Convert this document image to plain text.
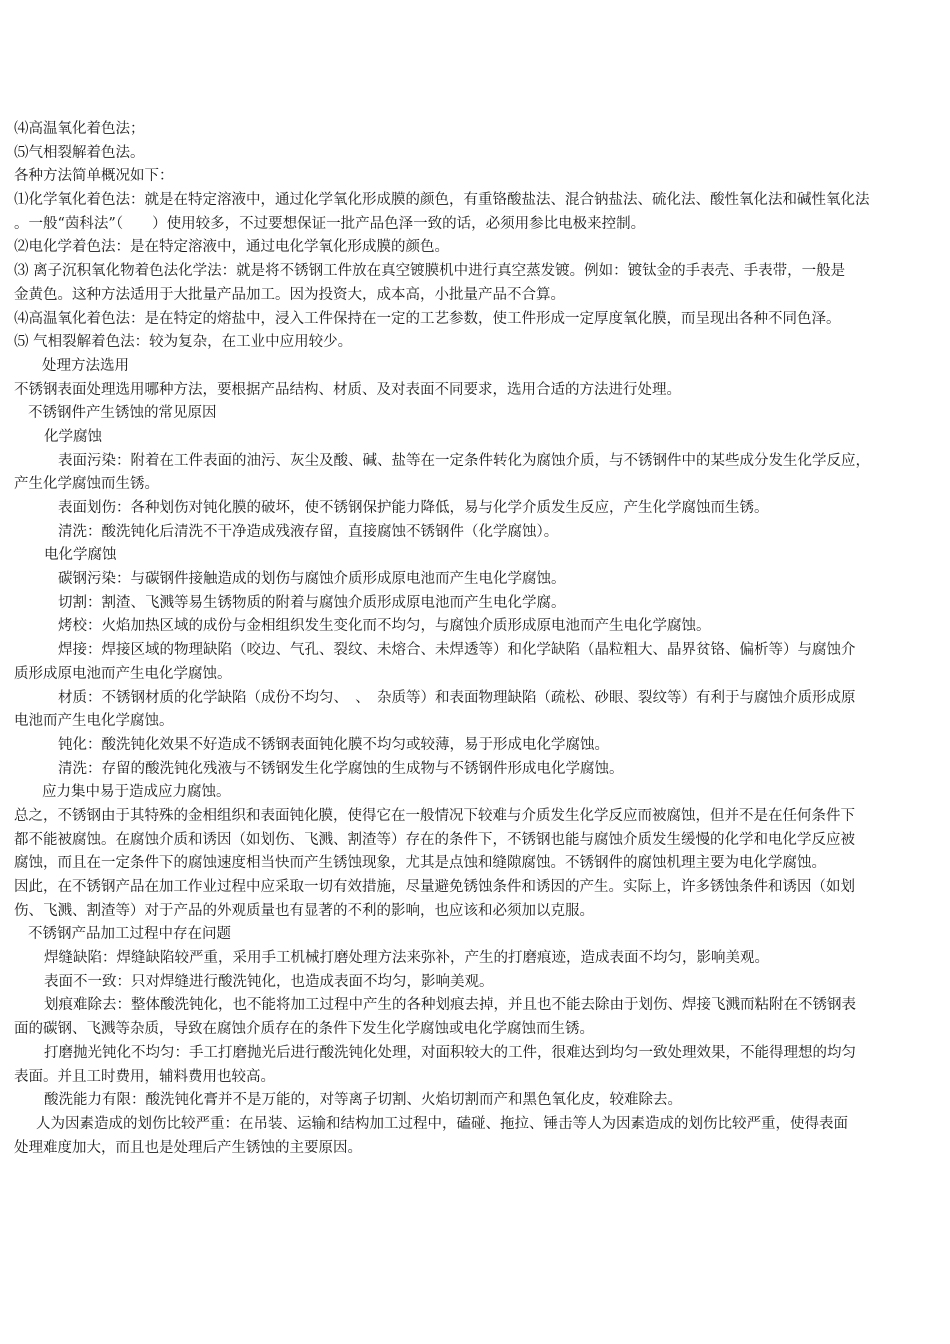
⑷高温氧化着色法；
⑸气相裂解着色法。
各种方法简单概况如下：
⑴化学氧化着色法：就是在特定溶液中，通过化学氧化形成膜的颜色，有重铬酸盐法、混合钠盐法、硫化法、酸性氧化法和碱性氧化法
。一般“茵科法”（　　）使用较多，不过要想保证一批产品色泽一致的话，必须用参比电极来控制。
⑵电化学着色法：是在特定溶液中，通过电化学氧化形成膜的颜色。
⑶ 离子沉积氧化物着色法化学法：就是将不锈钢工件放在真空镀膜机中进行真空蒸发镀。例如：镀钛金的手表壳、手表带，一般是
金黄色。这种方法适用于大批量产品加工。因为投资大，成本高，小批量产品不合算。
⑷高温氧化着色法：是在特定的熔盐中，浸入工件保持在一定的工艺参数，使工件形成一定厚度氧化膜，而呈现出各种不同色泽。
⑸ 气相裂解着色法：较为复杂，在工业中应用较少。
处理方法选用
不锈钢表面处理选用哪种方法，要根据产品结构、材质、及对表面不同要求，选用合适的方法进行处理。
不锈钢件产生锈蚀的常见原因
化学腐蚀
表面污染：附着在工件表面的油污、灰尘及酸、碱、盐等在一定条件转化为腐蚀介质，与不锈钢件中的某些成分发生化学反应，
产生化学腐蚀而生锈。
表面划伤：各种划伤对钝化膜的破坏，使不锈钢保护能力降低，易与化学介质发生反应，产生化学腐蚀而生锈。
清洗：酸洗钝化后清洗不干净造成残液存留，直接腐蚀不锈钢件（化学腐蚀）。
电化学腐蚀
碳钢污染：与碳钢件接触造成的划伤与腐蚀介质形成原电池而产生电化学腐蚀。
切割：割渣、飞溅等易生锈物质的附着与腐蚀介质形成原电池而产生电化学腐。
烤校：火焰加热区域的成份与金相组织发生变化而不均匀，与腐蚀介质形成原电池而产生电化学腐蚀。
焊接：焊接区域的物理缺陷（咬边、气孔、裂纹、未熔合、未焊透等）和化学缺陷（晶粒粗大、晶界贫铬、偏析等）与腐蚀介
质形成原电池而产生电化学腐蚀。
材质：不锈钢材质的化学缺陷（成份不均匀、　、　杂质等）和表面物理缺陷（疏松、砂眼、裂纹等）有利于与腐蚀介质形成原
电池而产生电化学腐蚀。
钝化：酸洗钝化效果不好造成不锈钢表面钝化膜不均匀或较薄，易于形成电化学腐蚀。
清洗：存留的酸洗钝化残液与不锈钢发生化学腐蚀的生成物与不锈钢件形成电化学腐蚀。
应力集中易于造成应力腐蚀。
总之，不锈钢由于其特殊的金相组织和表面钝化膜，使得它在一般情况下较难与介质发生化学反应而被腐蚀，但并不是在任何条件下
都不能被腐蚀。在腐蚀介质和诱因（如划伤、飞溅、割渣等）存在的条件下，不锈钢也能与腐蚀介质发生缓慢的化学和电化学反应被
腐蚀，而且在一定条件下的腐蚀速度相当快而产生锈蚀现象，尤其是点蚀和缝隙腐蚀。不锈钢件的腐蚀机理主要为电化学腐蚀。
因此，在不锈钢产品在加工作业过程中应采取一切有效措施，尽量避免锈蚀条件和诱因的产生。实际上，许多锈蚀条件和诱因（如划
伤、飞溅、割渣等）对于产品的外观质量也有显著的不利的影响，也应该和必须加以克服。
不锈钢产品加工过程中存在问题
焊缝缺陷：焊缝缺陷较严重，采用手工机械打磨处理方法来弥补，产生的打磨痕迹，造成表面不均匀，影响美观。
表面不一致：只对焊缝进行酸洗钝化，也造成表面不均匀，影响美观。
划痕难除去：整体酸洗钝化，也不能将加工过程中产生的各种划痕去掉，并且也不能去除由于划伤、焊接飞溅而粘附在不锈钢表
面的碳钢、飞溅等杂质，导致在腐蚀介质存在的条件下发生化学腐蚀或电化学腐蚀而生锈。
打磨抛光钝化不均匀：手工打磨抛光后进行酸洗钝化处理，对面积较大的工件，很难达到均匀一致处理效果，不能得理想的均匀
表面。并且工时费用，辅料费用也较高。
酸洗能力有限：酸洗钝化膏并不是万能的，对等离子切割、火焰切割而产和黑色氧化皮，较难除去。
人为因素造成的划伤比较严重：在吊装、运输和结构加工过程中，磕碰、拖拉、锤击等人为因素造成的划伤比较严重，使得表面
处理难度加大，而且也是处理后产生锈蚀的主要原因。
